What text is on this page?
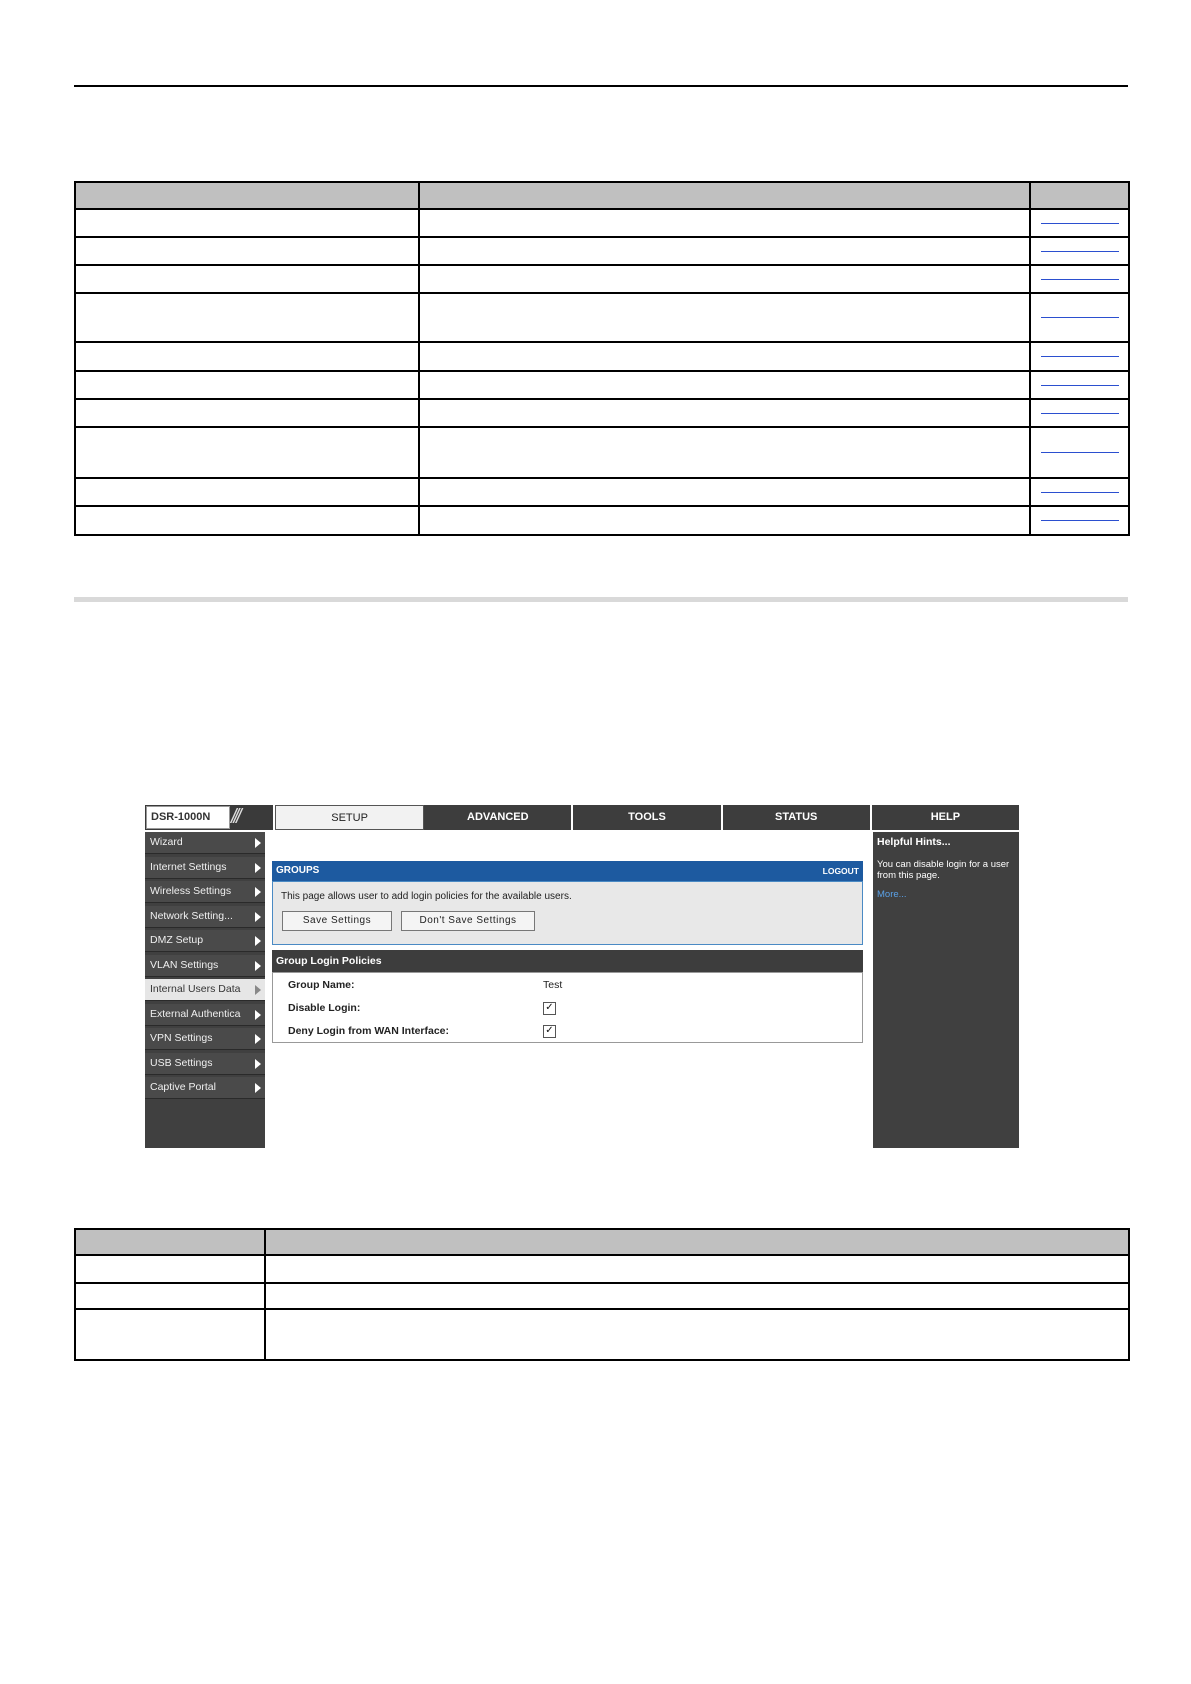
DSR-1000N	///	SETUP	ADVANCED	TOOLS	STATUS	HELP
Wizard
Internet Settings
Wireless Settings
Network Setting...
DMZ Setup
VLAN Settings
Internal Users Data
External Authentica
VPN Settings
USB Settings
Captive Portal
GROUPS	LOGOUT
This page allows user to add login policies for the available users.
Save Settings	Don't Save Settings
Group Login Policies
Group Name:	Test
Disable Login:	✓
Deny Login from WAN Interface:	✓
Helpful Hints...
You can disable login for a user from this page.
More...
